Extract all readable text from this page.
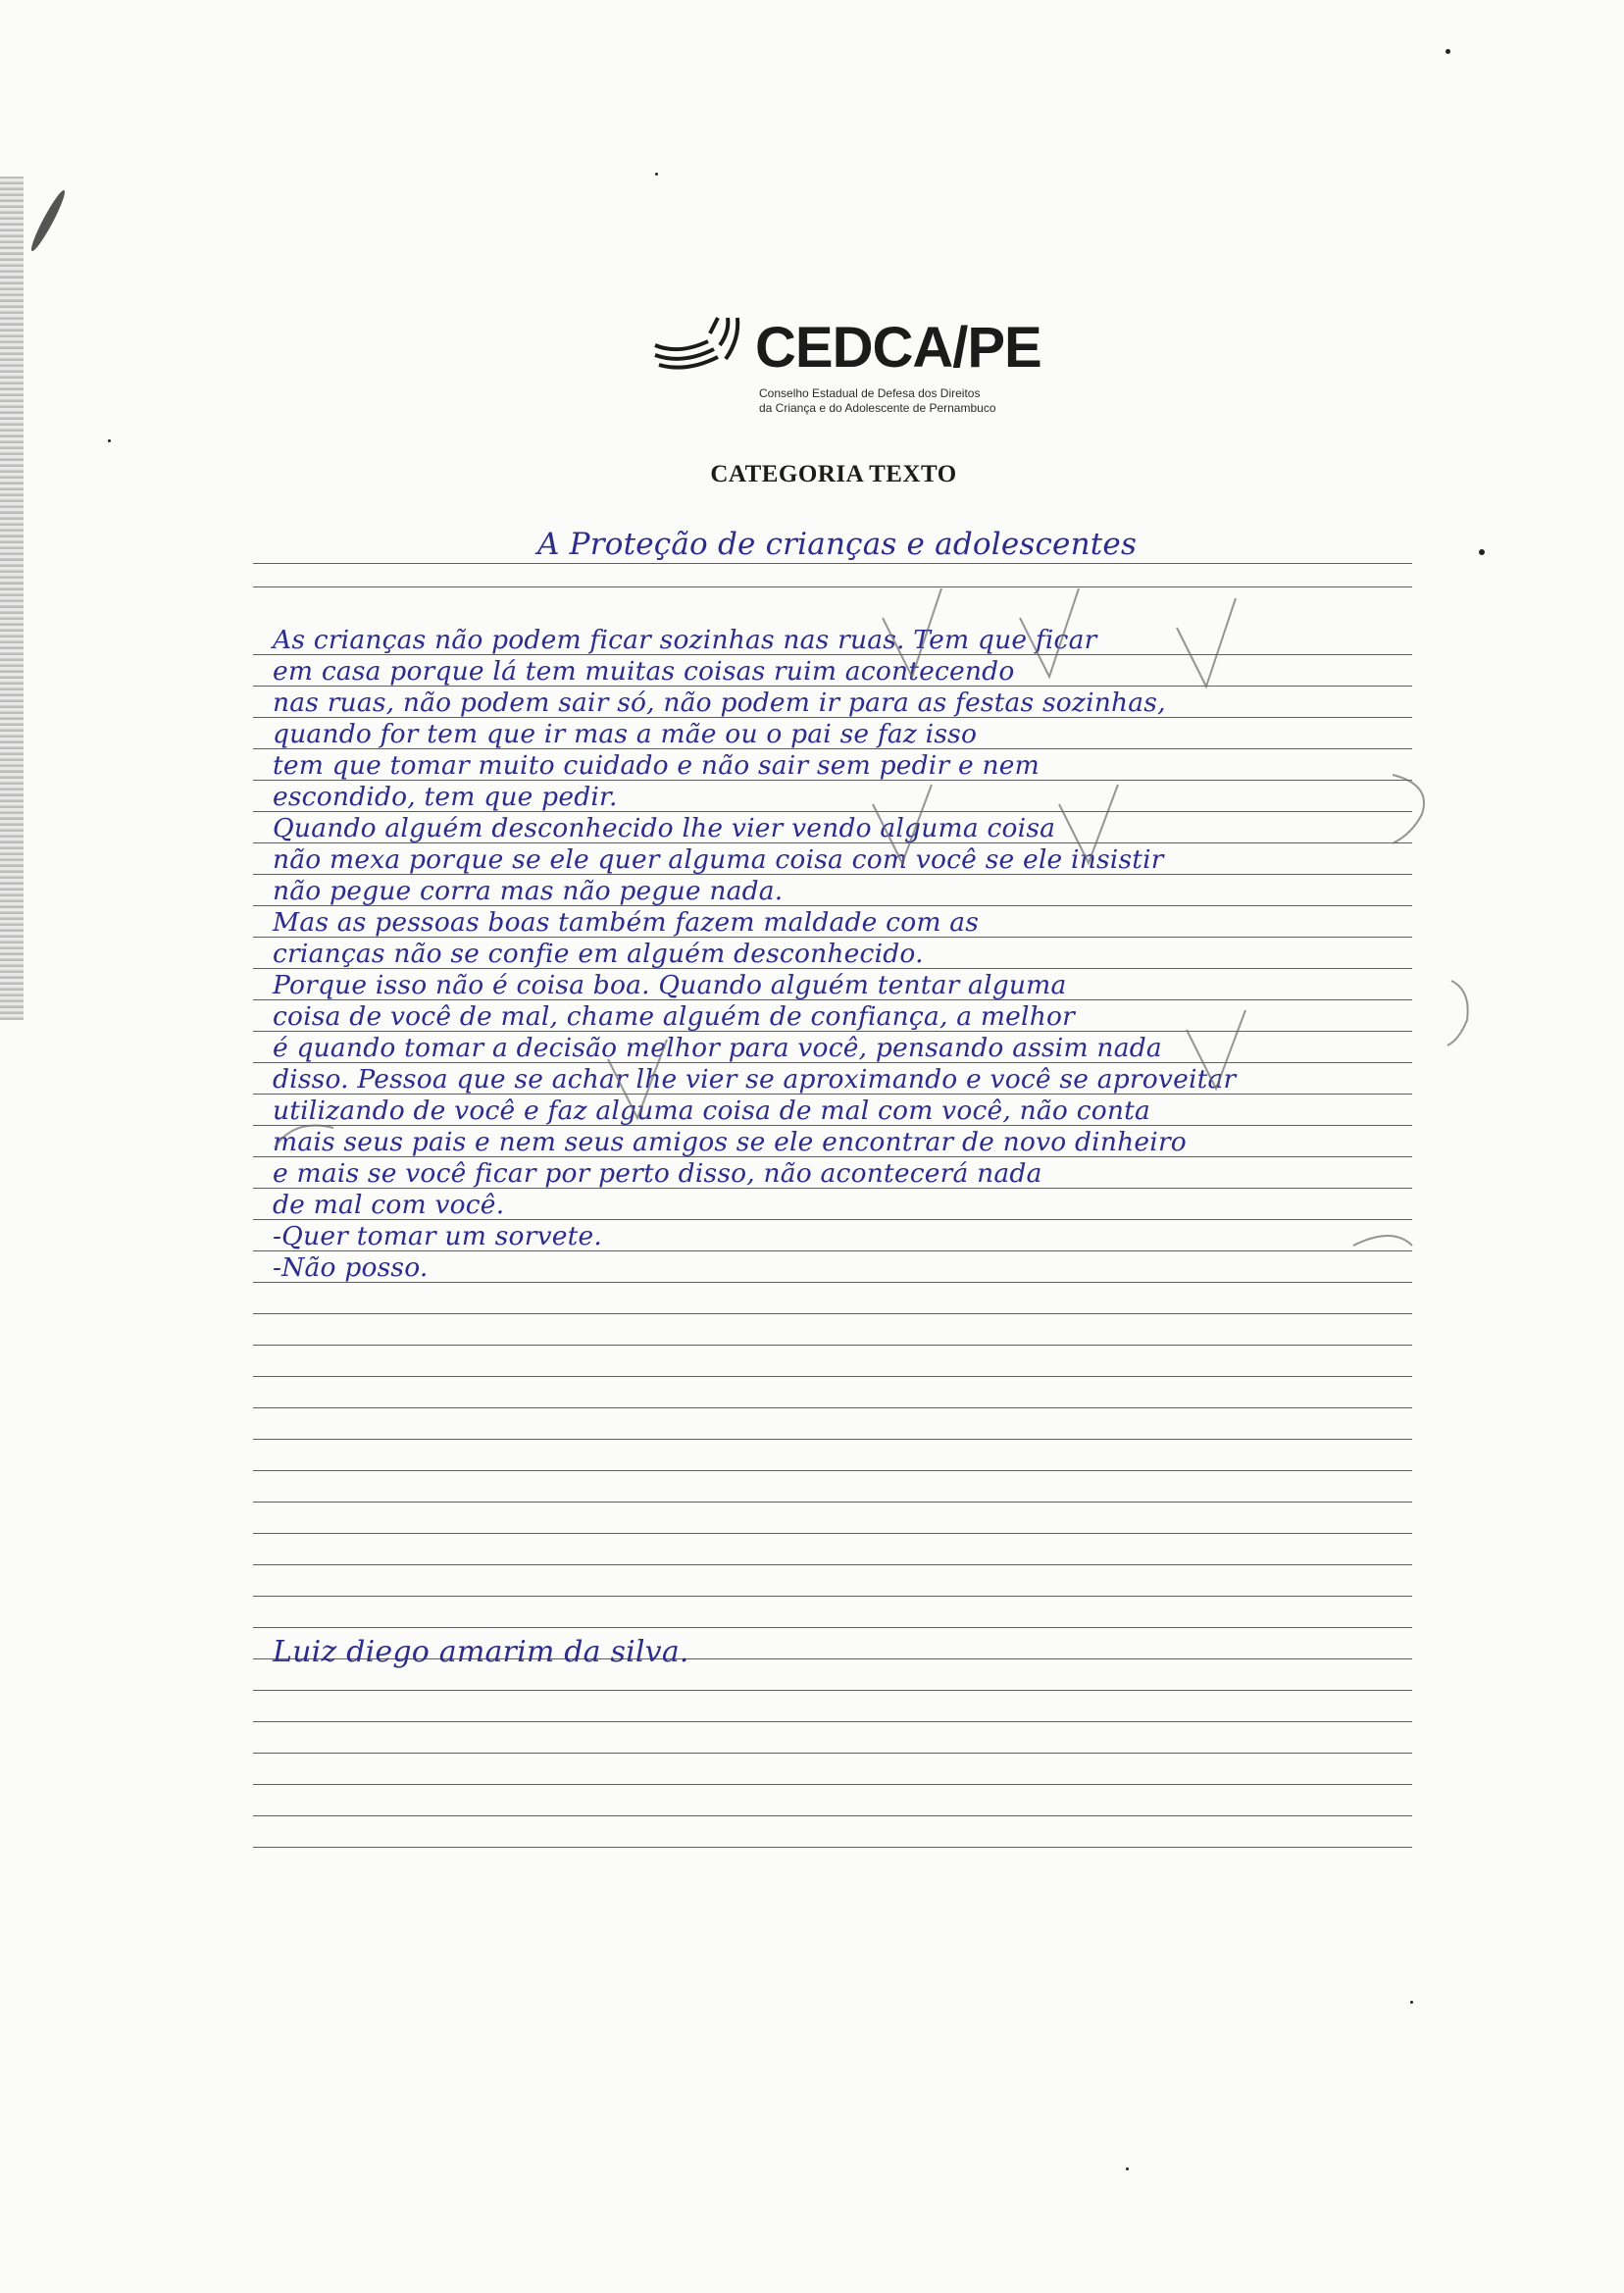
CEDCA/PE
Conselho Estadual de Defesa dos Direitos
da Criança e do Adolescente de Pernambuco
CATEGORIA TEXTO
A Proteção de crianças e adolescentes
As crianças não podem ficar sozinhas nas ruas. Tem que ficar
em casa porque lá tem muitas coisas ruim acontecendo
nas ruas, não podem sair só, não podem ir para as festas sozinhas,
quando for tem que ir mas a mãe ou o pai se faz isso
tem que tomar muito cuidado e não sair sem pedir e nem
escondido, tem que pedir.
Quando alguém desconhecido lhe vier vendo alguma coisa
não mexa porque se ele quer alguma coisa com você se ele insistir
não pegue corra mas não pegue nada.
Mas as pessoas boas também fazem maldade com as
crianças não se confie em alguém desconhecido.
Porque isso não é coisa boa. Quando alguém tentar alguma
coisa de você de mal, chame alguém de confiança, a melhor
é quando tomar a decisão melhor para você, pensando assim nada
disso. Pessoa que se achar lhe vier se aproximando e você se aproveitar
utilizando de você e faz alguma coisa de mal com você, não conta
mais seus pais e nem seus amigos se ele encontrar de novo dinheiro
e mais se você ficar por perto disso, não acontecerá nada
de mal com você.
-Quer tomar um sorvete.
-Não posso.
Luiz diego amarim da silva.
